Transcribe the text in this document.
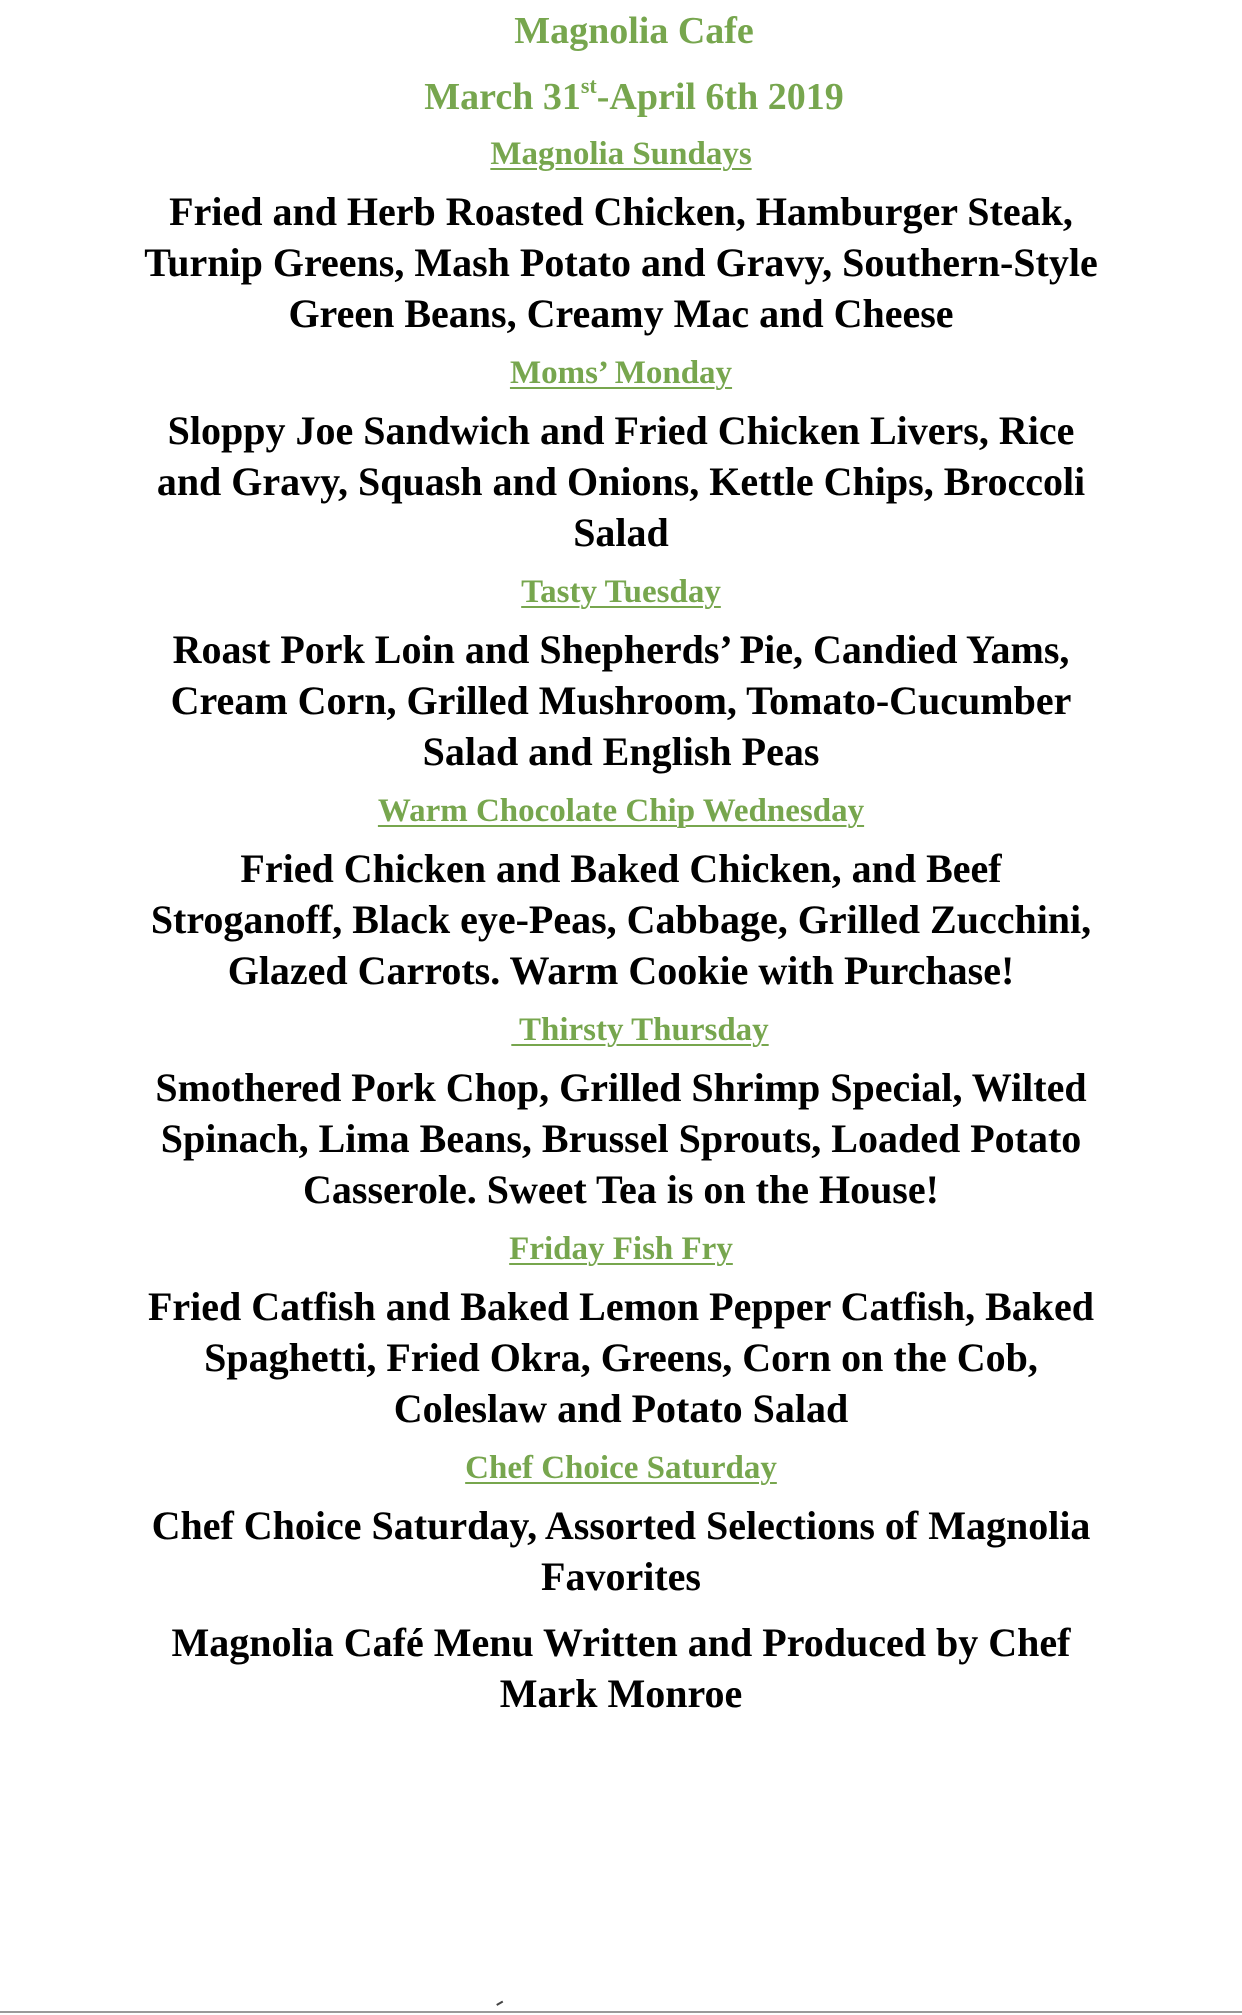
Magnolia Cafe
March 31st-April 6th 2019
Magnolia Sundays
Fried and Herb Roasted Chicken, Hamburger Steak, Turnip Greens, Mash Potato and Gravy, Southern-Style Green Beans, Creamy Mac and Cheese
Moms’ Monday
Sloppy Joe Sandwich and Fried Chicken Livers, Rice and Gravy, Squash and Onions, Kettle Chips, Broccoli Salad
Tasty Tuesday
Roast Pork Loin and Shepherds’ Pie, Candied Yams, Cream Corn, Grilled Mushroom, Tomato-Cucumber Salad and English Peas
Warm Chocolate Chip Wednesday
Fried Chicken and Baked Chicken, and Beef Stroganoff, Black eye-Peas, Cabbage, Grilled Zucchini, Glazed Carrots. Warm Cookie with Purchase!
Thirsty Thursday
Smothered Pork Chop, Grilled Shrimp Special, Wilted Spinach, Lima Beans, Brussel Sprouts, Loaded Potato Casserole. Sweet Tea is on the House!
Friday Fish Fry
Fried Catfish and Baked Lemon Pepper Catfish, Baked Spaghetti, Fried Okra, Greens, Corn on the Cob, Coleslaw and Potato Salad
Chef Choice Saturday
Chef Choice Saturday, Assorted Selections of Magnolia Favorites
Magnolia Café Menu Written and Produced by Chef Mark Monroe
